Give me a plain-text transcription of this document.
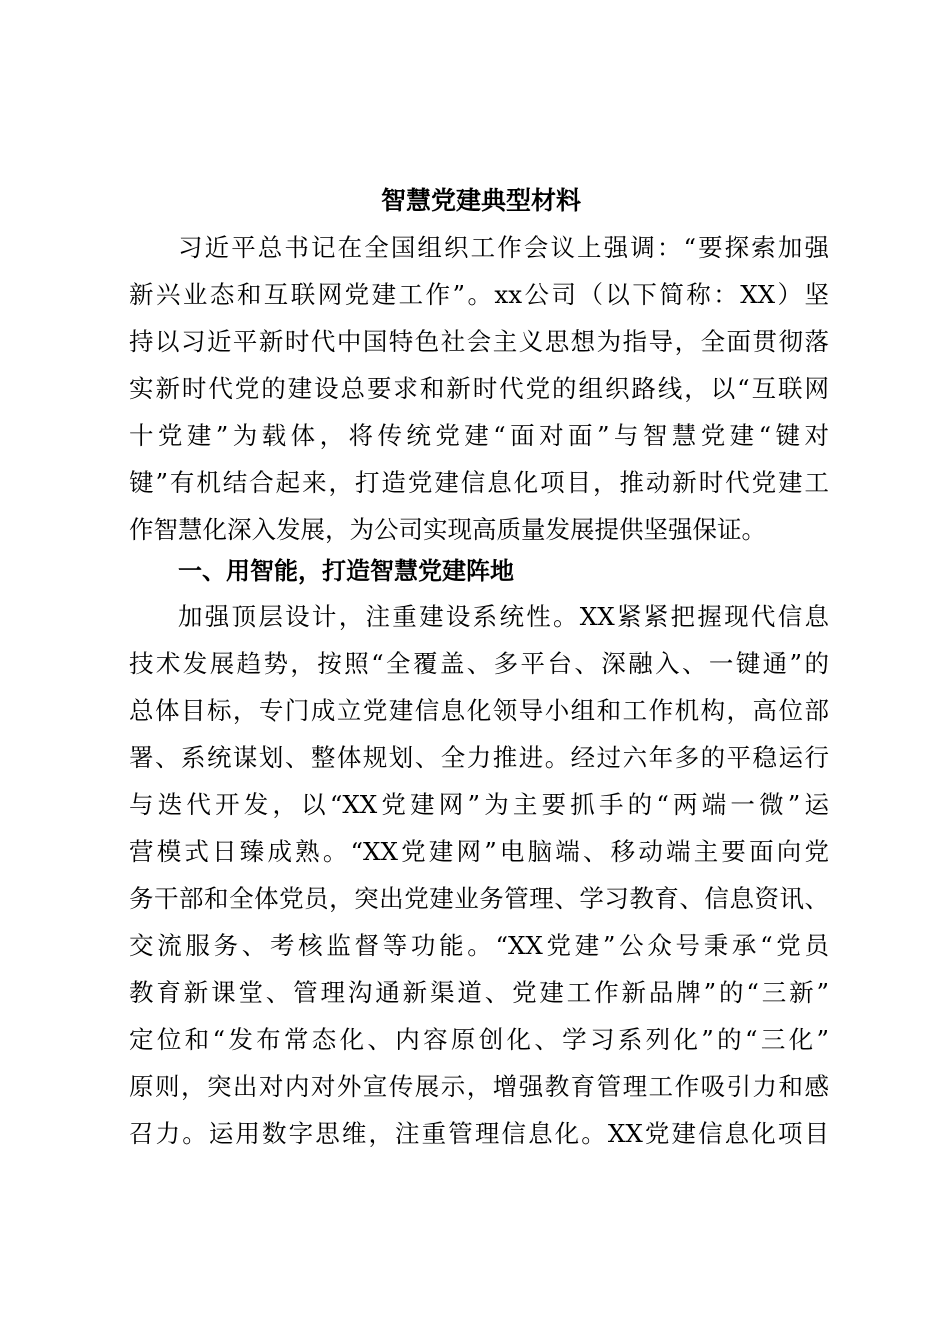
智慧党建典型材料
习近平总书记在全国组织工作会议上强调：“要探索加强
新兴业态和互联网党建工作”。xx公司（以下简称：XX）坚
持以习近平新时代中国特色社会主义思想为指导，全面贯彻落
实新时代党的建设总要求和新时代党的组织路线，以“互联网
十党建”为载体，将传统党建“面对面”与智慧党建“键对
键”有机结合起来，打造党建信息化项目，推动新时代党建工
作智慧化深入发展，为公司实现高质量发展提供坚强保证。
一、用智能，打造智慧党建阵地
加强顶层设计，注重建设系统性。XX紧紧把握现代信息
技术发展趋势，按照“全覆盖、多平台、深融入、一键通”的
总体目标，专门成立党建信息化领导小组和工作机构，高位部
署、系统谋划、整体规划、全力推进。经过六年多的平稳运行
与迭代开发，以“XX党建网”为主要抓手的“两端一微”运
营模式日臻成熟。“XX党建网”电脑端、移动端主要面向党
务干部和全体党员，突出党建业务管理、学习教育、信息资讯、
交流服务、考核监督等功能。“XX党建”公众号秉承“党员
教育新课堂、管理沟通新渠道、党建工作新品牌”的“三新”
定位和“发布常态化、内容原创化、学习系列化”的“三化”
原则，突出对内对外宣传展示，增强教育管理工作吸引力和感
召力。运用数字思维，注重管理信息化。XX党建信息化项目
